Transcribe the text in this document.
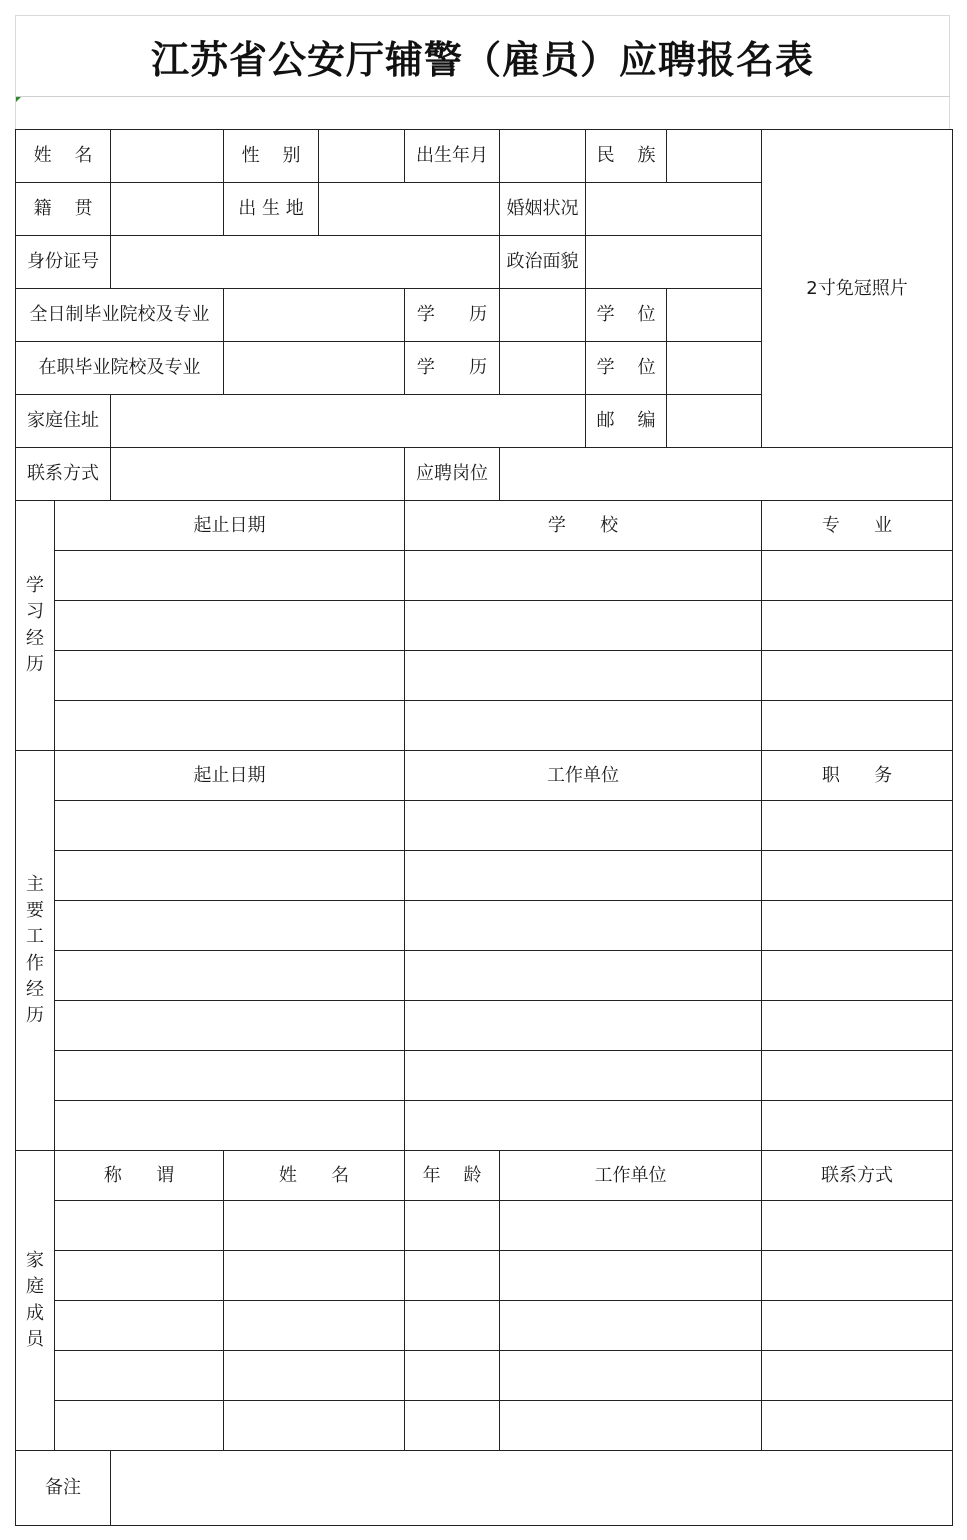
江苏省公安厅辅警（雇员）应聘报名表
姓    名			性    别		出生年月		民    族		2寸免冠照片
籍    贯			出 生 地			婚姻状况			
身份证号						政治面貌			
全日制毕业院校及专业					学      历		学    位		
在职毕业院校及专业					学      历		学    位		
家庭住址							邮    编		
联系方式					应聘岗位				

学习经历	起止日期				学      校				专      业

主要工作经历	起止日期				工作单位				职      务

家庭成员	称      谓		姓      名		年    龄	工作单位			联系方式

备注									
